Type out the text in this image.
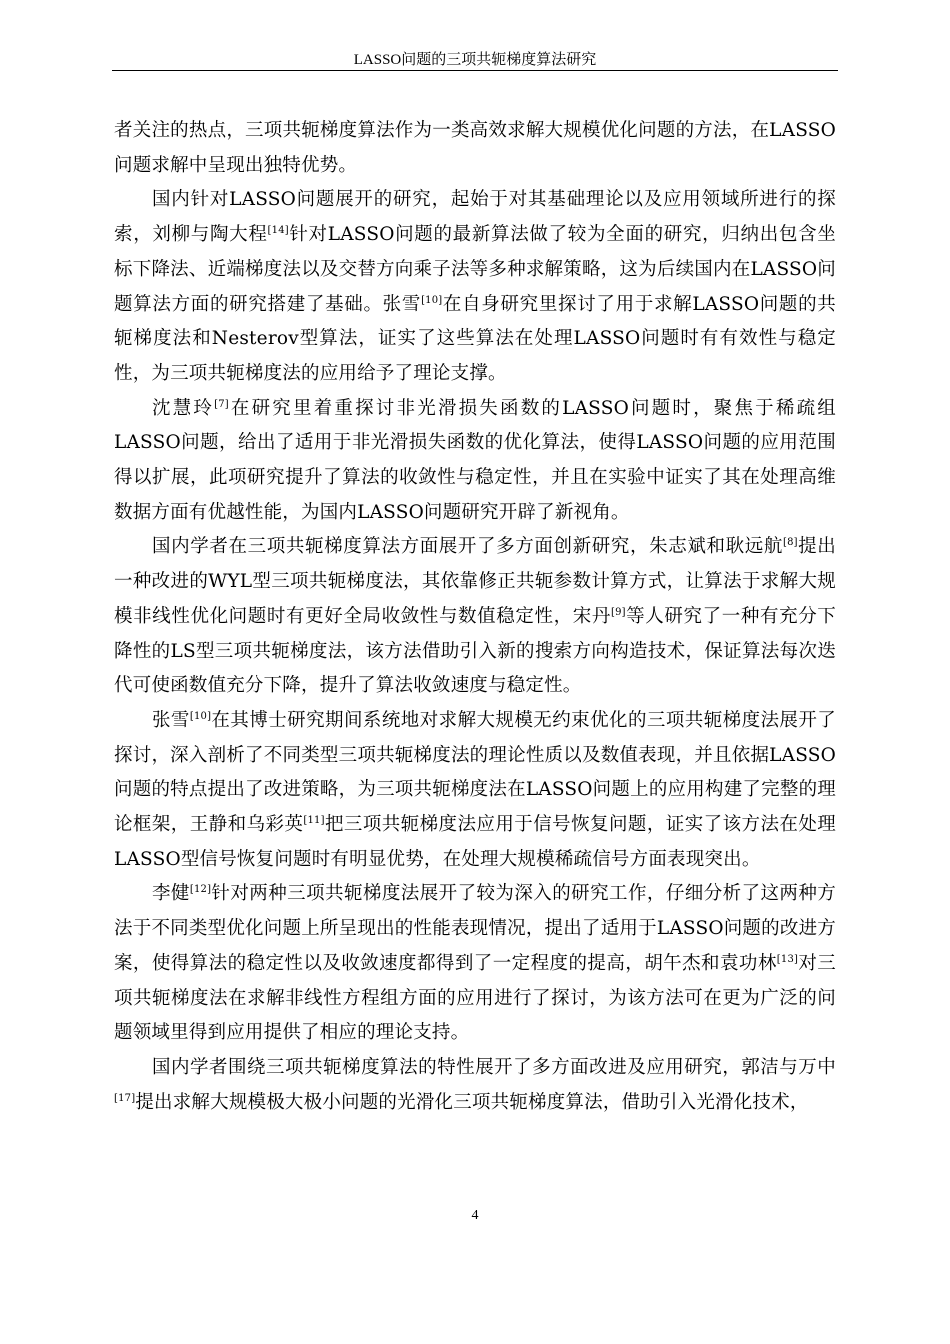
LASSO问题的三项共轭梯度算法研究

者关注的热点，三项共轭梯度算法作为一类高效求解大规模优化问题的方法，在LASSO问题求解中呈现出独特优势。

国内针对LASSO问题展开的研究，起始于对其基础理论以及应用领域所进行的探索，刘柳与陶大程[14]针对LASSO问题的最新算法做了较为全面的研究，归纳出包含坐标下降法、近端梯度法以及交替方向乘子法等多种求解策略，这为后续国内在LASSO问题算法方面的研究搭建了基础。张雪[10]在自身研究里探讨了用于求解LASSO问题的共轭梯度法和Nesterov型算法，证实了这些算法在处理LASSO问题时有有效性与稳定性，为三项共轭梯度法的应用给予了理论支撑。

沈慧玲[7]在研究里着重探讨非光滑损失函数的LASSO问题时，聚焦于稀疏组LASSO问题，给出了适用于非光滑损失函数的优化算法，使得LASSO问题的应用范围得以扩展，此项研究提升了算法的收敛性与稳定性，并且在实验中证实了其在处理高维数据方面有优越性能，为国内LASSO问题研究开辟了新视角。

国内学者在三项共轭梯度算法方面展开了多方面创新研究，朱志斌和耿远航[8]提出一种改进的WYL型三项共轭梯度法，其依靠修正共轭参数计算方式，让算法于求解大规模非线性优化问题时有更好全局收敛性与数值稳定性，宋丹[9]等人研究了一种有充分下降性的LS型三项共轭梯度法，该方法借助引入新的搜索方向构造技术，保证算法每次迭代可使函数值充分下降，提升了算法收敛速度与稳定性。

张雪[10]在其博士研究期间系统地对求解大规模无约束优化的三项共轭梯度法展开了探讨，深入剖析了不同类型三项共轭梯度法的理论性质以及数值表现，并且依据LASSO问题的特点提出了改进策略，为三项共轭梯度法在LASSO问题上的应用构建了完整的理论框架，王静和乌彩英[11]把三项共轭梯度法应用于信号恢复问题，证实了该方法在处理LASSO型信号恢复问题时有明显优势，在处理大规模稀疏信号方面表现突出。

李健[12]针对两种三项共轭梯度法展开了较为深入的研究工作，仔细分析了这两种方法于不同类型优化问题上所呈现出的性能表现情况，提出了适用于LASSO问题的改进方案，使得算法的稳定性以及收敛速度都得到了一定程度的提高，胡午杰和袁功林[13]对三项共轭梯度法在求解非线性方程组方面的应用进行了探讨，为该方法可在更为广泛的问题领域里得到应用提供了相应的理论支持。

国内学者围绕三项共轭梯度算法的特性展开了多方面改进及应用研究，郭洁与万中[17]提出求解大规模极大极小问题的光滑化三项共轭梯度算法，借助引入光滑化技术，

4
